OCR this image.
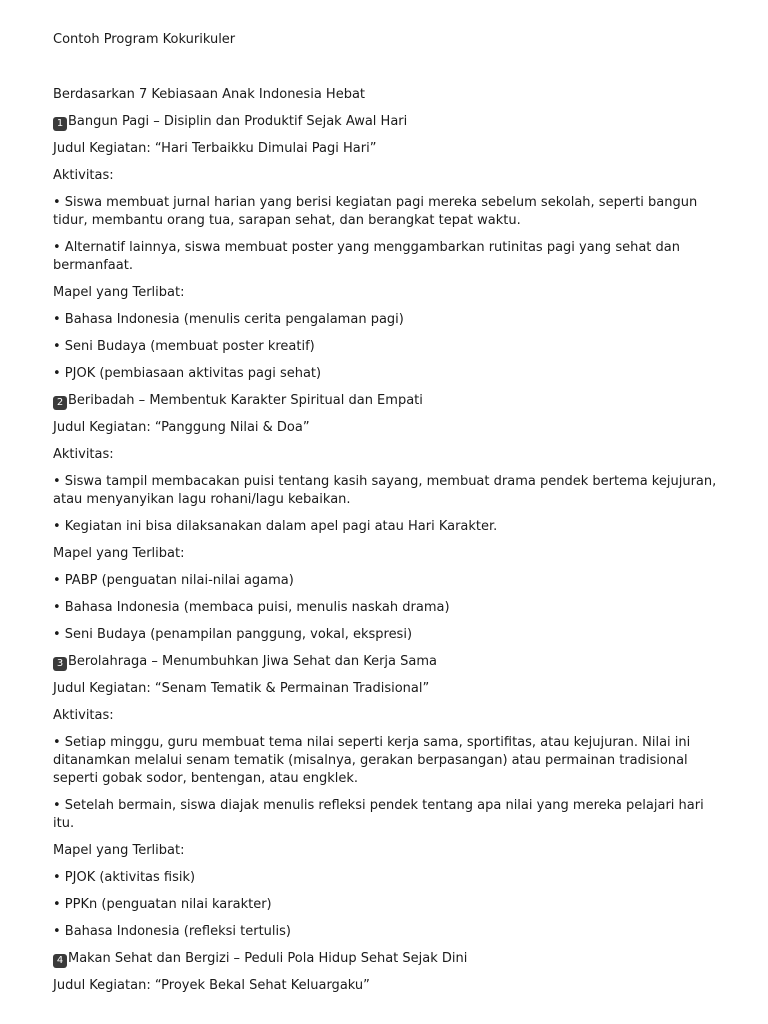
Contoh Program Kokurikuler

Berdasarkan 7 Kebiasaan Anak Indonesia Hebat

1 Bangun Pagi – Disiplin dan Produktif Sejak Awal Hari

Judul Kegiatan: “Hari Terbaikku Dimulai Pagi Hari”

Aktivitas:

• Siswa membuat jurnal harian yang berisi kegiatan pagi mereka sebelum sekolah, seperti bangun tidur, membantu orang tua, sarapan sehat, dan berangkat tepat waktu.

• Alternatif lainnya, siswa membuat poster yang menggambarkan rutinitas pagi yang sehat dan bermanfaat.

Mapel yang Terlibat:

• Bahasa Indonesia (menulis cerita pengalaman pagi)

• Seni Budaya (membuat poster kreatif)

• PJOK (pembiasaan aktivitas pagi sehat)

2 Beribadah – Membentuk Karakter Spiritual dan Empati

Judul Kegiatan: “Panggung Nilai & Doa”

Aktivitas:

• Siswa tampil membacakan puisi tentang kasih sayang, membuat drama pendek bertema kejujuran, atau menyanyikan lagu rohani/lagu kebaikan.

• Kegiatan ini bisa dilaksanakan dalam apel pagi atau Hari Karakter.

Mapel yang Terlibat:

• PABP (penguatan nilai-nilai agama)

• Bahasa Indonesia (membaca puisi, menulis naskah drama)

• Seni Budaya (penampilan panggung, vokal, ekspresi)

3 Berolahraga – Menumbuhkan Jiwa Sehat dan Kerja Sama

Judul Kegiatan: “Senam Tematik & Permainan Tradisional”

Aktivitas:

• Setiap minggu, guru membuat tema nilai seperti kerja sama, sportifitas, atau kejujuran. Nilai ini ditanamkan melalui senam tematik (misalnya, gerakan berpasangan) atau permainan tradisional seperti gobak sodor, bentengan, atau engklek.

• Setelah bermain, siswa diajak menulis refleksi pendek tentang apa nilai yang mereka pelajari hari itu.

Mapel yang Terlibat:

• PJOK (aktivitas fisik)

• PPKn (penguatan nilai karakter)

• Bahasa Indonesia (refleksi tertulis)

4 Makan Sehat dan Bergizi – Peduli Pola Hidup Sehat Sejak Dini

Judul Kegiatan: “Proyek Bekal Sehat Keluargaku”
